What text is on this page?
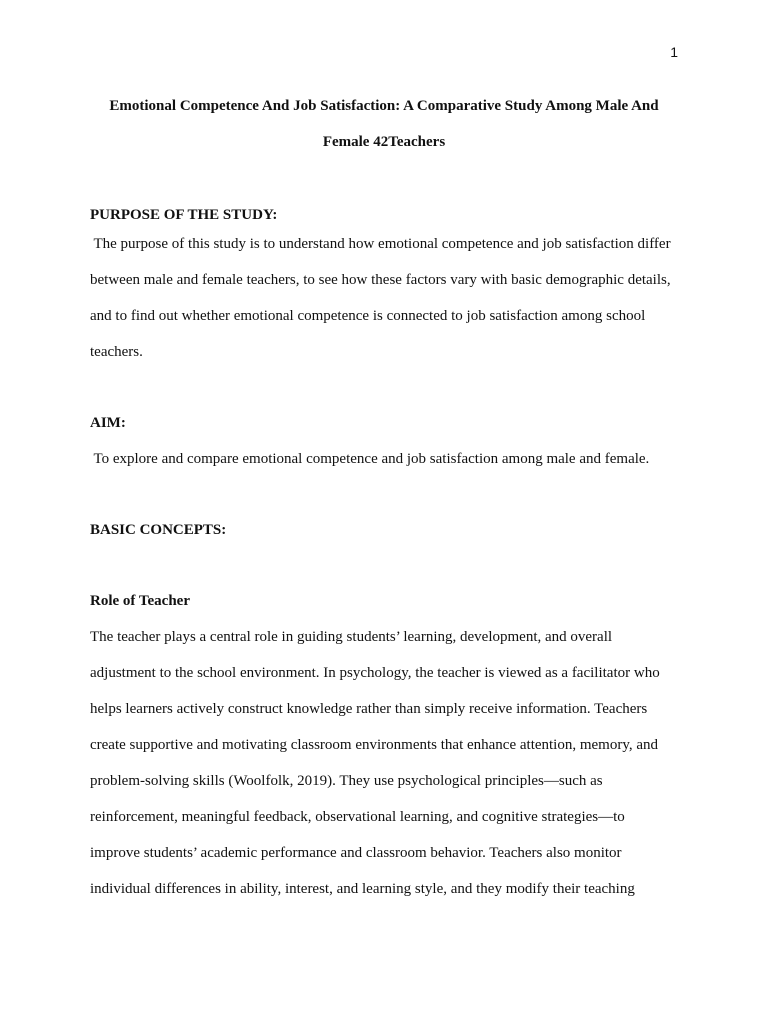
1
Emotional Competence And Job Satisfaction: A Comparative Study Among Male And
Female 42Teachers
PURPOSE OF THE STUDY:
The purpose of this study is to understand how emotional competence and job satisfaction differ
between male and female teachers, to see how these factors vary with basic demographic details,
and to find out whether emotional competence is connected to job satisfaction among school
teachers.
AIM:
To explore and compare emotional competence and job satisfaction among male and female.
BASIC CONCEPTS:
Role of Teacher
The teacher plays a central role in guiding students’ learning, development, and overall
adjustment to the school environment. In psychology, the teacher is viewed as a facilitator who
helps learners actively construct knowledge rather than simply receive information. Teachers
create supportive and motivating classroom environments that enhance attention, memory, and
problem-solving skills (Woolfolk, 2019). They use psychological principles—such as
reinforcement, meaningful feedback, observational learning, and cognitive strategies—to
improve students’ academic performance and classroom behavior. Teachers also monitor
individual differences in ability, interest, and learning style, and they modify their teaching
